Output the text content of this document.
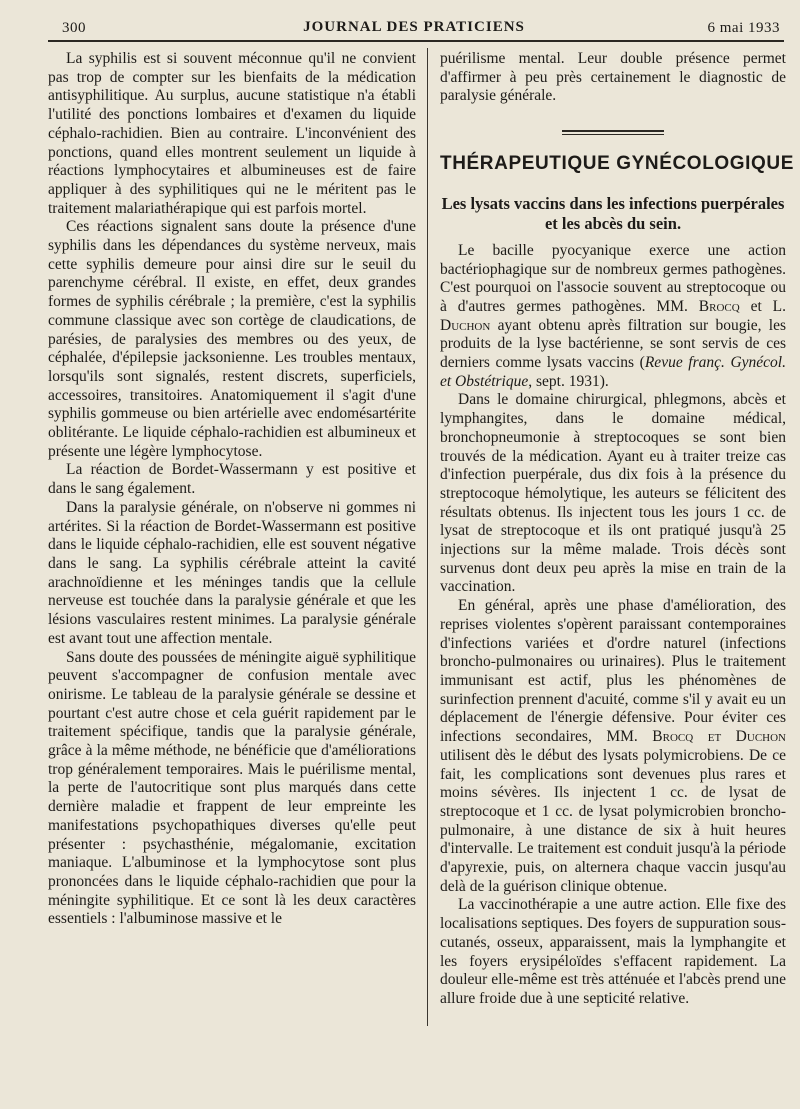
300	JOURNAL DES PRATICIENS	6 mai 1933

La syphilis est si souvent méconnue qu'il ne convient pas trop de compter sur les bienfaits de la médication antisyphilitique. Au surplus, aucune statistique n'a établi l'utilité des ponctions lombaires et d'examen du liquide céphalo-rachidien. Bien au contraire. L'inconvénient des ponctions, quand elles montrent seulement un liquide à réactions lymphocytaires et albumineuses est de faire appliquer à des syphilitiques qui ne le méritent pas le traitement malariathérapique qui est parfois mortel.

Ces réactions signalent sans doute la présence d'une syphilis dans les dépendances du système nerveux, mais cette syphilis demeure pour ainsi dire sur le seuil du parenchyme cérébral. Il existe, en effet, deux grandes formes de syphilis cérébrale ; la première, c'est la syphilis commune classique avec son cortège de claudications, de parésies, de paralysies des membres ou des yeux, de céphalée, d'épilepsie jacksonienne. Les troubles mentaux, lorsqu'ils sont signalés, restent discrets, superficiels, accessoires, transitoires. Anatomiquement il s'agit d'une syphilis gommeuse ou bien artérielle avec endomésartérite oblitérante. Le liquide céphalo-rachidien est albumineux et présente une légère lymphocytose.

La réaction de Bordet-Wassermann y est positive et dans le sang également.

Dans la paralysie générale, on n'observe ni gommes ni artérites. Si la réaction de Bordet-Wassermann est positive dans le liquide céphalo-rachidien, elle est souvent négative dans le sang. La syphilis cérébrale atteint la cavité arachnoïdienne et les méninges tandis que la cellule nerveuse est touchée dans la paralysie générale et que les lésions vasculaires restent minimes. La paralysie générale est avant tout une affection mentale.

Sans doute des poussées de méningite aiguë syphilitique peuvent s'accompagner de confusion mentale avec onirisme. Le tableau de la paralysie générale se dessine et pourtant c'est autre chose et cela guérit rapidement par le traitement spécifique, tandis que la paralysie générale, grâce à la même méthode, ne bénéficie que d'améliorations trop généralement temporaires. Mais le puérilisme mental, la perte de l'autocritique sont plus marqués dans cette dernière maladie et frappent de leur empreinte les manifestations psychopathiques diverses qu'elle peut présenter : psychasthénie, mégalomanie, excitation maniaque. L'albuminose et la lymphocytose sont plus prononcées dans le liquide céphalo-rachidien que pour la méningite syphilitique. Et ce sont là les deux caractères essentiels : l'albuminose massive et le

puérilisme mental. Leur double présence permet d'affirmer à peu près certainement le diagnostic de paralysie générale.

THÉRAPEUTIQUE GYNÉCOLOGIQUE
Les lysats vaccins dans les infections puerpérales et les abcès du sein.

Le bacille pyocyanique exerce une action bactériophagique sur de nombreux germes pathogènes. C'est pourquoi on l'associe souvent au streptocoque ou à d'autres germes pathogènes. MM. Brocq et L. Duchon ayant obtenu après filtration sur bougie, les produits de la lyse bactérienne, se sont servis de ces derniers comme lysats vaccins (Revue franç. Gynécol. et Obstétrique, sept. 1931).

Dans le domaine chirurgical, phlegmons, abcès et lymphangites, dans le domaine médical, bronchopneumonie à streptocoques se sont bien trouvés de la médication. Ayant eu à traiter treize cas d'infection puerpérale, dus dix fois à la présence du streptocoque hémolytique, les auteurs se félicitent des résultats obtenus. Ils injectent tous les jours 1 cc. de lysat de streptocoque et ils ont pratiqué jusqu'à 25 injections sur la même malade. Trois décès sont survenus dont deux peu après la mise en train de la vaccination.

En général, après une phase d'amélioration, des reprises violentes s'opèrent paraissant contemporaines d'infections variées et d'ordre naturel (infections broncho-pulmonaires ou urinaires). Plus le traitement immunisant est actif, plus les phénomènes de surinfection prennent d'acuité, comme s'il y avait eu un déplacement de l'énergie défensive. Pour éviter ces infections secondaires, MM. Brocq et Duchon utilisent dès le début des lysats polymicrobiens. De ce fait, les complications sont devenues plus rares et moins sévères. Ils injectent 1 cc. de lysat de streptocoque et 1 cc. de lysat polymicrobien broncho-pulmonaire, à une distance de six à huit heures d'intervalle. Le traitement est conduit jusqu'à la période d'apyrexie, puis, on alternera chaque vaccin jusqu'au delà de la guérison clinique obtenue.

La vaccinothérapie a une autre action. Elle fixe des localisations septiques. Des foyers de suppuration sous-cutanés, osseux, apparaissent, mais la lymphangite et les foyers erysipéloïdes s'effacent rapidement. La douleur elle-même est très atténuée et l'abcès prend une allure froide due à une septicité relative.
